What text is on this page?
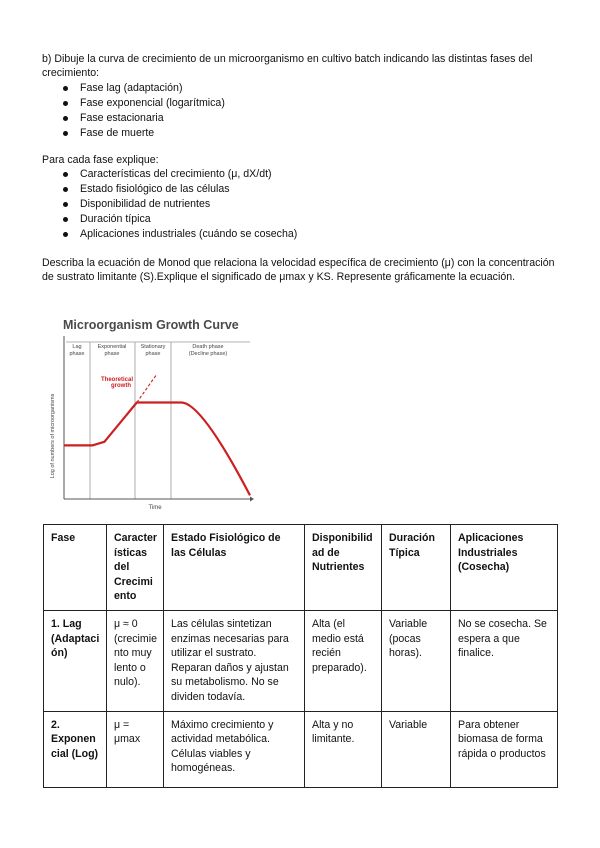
b) Dibuje la curva de crecimiento de un microorganismo en cultivo batch indicando las distintas fases del crecimiento:

Fase lag (adaptación)
Fase exponencial (logarítmica)
Fase estacionaria
Fase de muerte

Para cada fase explique:

Características del crecimiento (μ, dX/dt)
Estado fisiológico de las células
Disponibilidad de nutrientes
Duración típica
Aplicaciones industriales (cuándo se cosecha)

Describa la ecuación de Monod que relaciona la velocidad específica de crecimiento (μ) con la concentración de sustrato limitante (S).Explique el significado de μmax y KS. Represente gráficamente la ecuación.

Microorganism Growth Curve
Lag
phase
Exponential
phase
Stationary
phase
Death phase
(Decline phase)
Log of numbers of microorganisms
Time
Theoretical
growth
Fase	Características del Crecimiento	Estado Fisiológico de las Células	Disponibilidad de Nutrientes	Duración Típica	Aplicaciones Industriales (Cosecha)
1. Lag (Adaptación)	μ ≈ 0 (crecimiento muy lento o nulo).	Las células sintetizan enzimas necesarias para utilizar el sustrato. Reparan daños y ajustan su metabolismo. No se dividen todavía.	Alta (el medio está recién preparado).	Variable (pocas horas).	No se cosecha. Se espera a que finalice.
2. Exponencial (Log)	μ = μmax	Máximo crecimiento y actividad metabólica. Células viables y homogéneas.	Alta y no limitante.	Variable	Para obtener biomasa de forma rápida o productos
